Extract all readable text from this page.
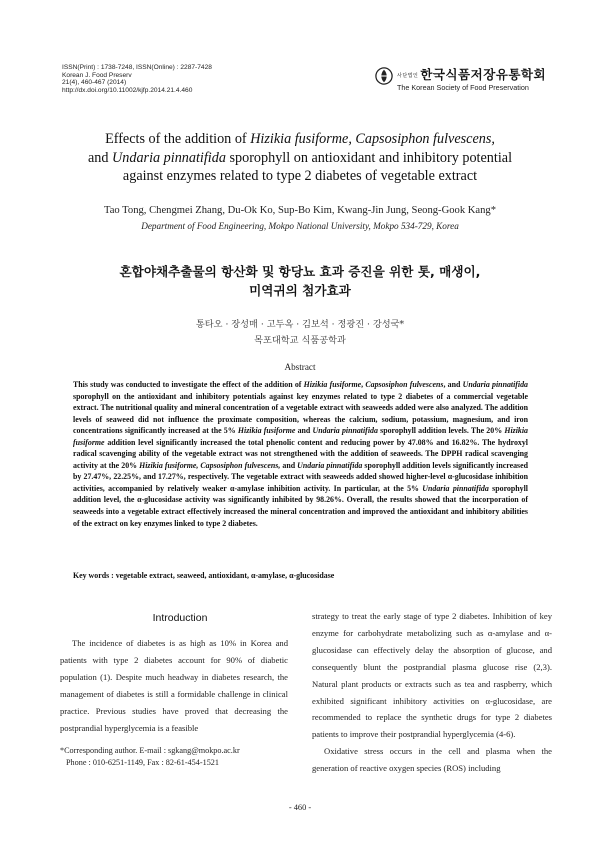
ISSN(Print) : 1738-7248, ISSN(Online) : 2287-7428
Korean J. Food Preserv
21(4), 460-467 (2014)
http://dx.doi.org/10.11002/kjfp.2014.21.4.460
사단법인 한국식품저장유통학회
The Korean Society of Food Preservation
Effects of the addition of Hizikia fusiforme, Capsosiphon fulvescens,
and Undaria pinnatifida sporophyll on antioxidant and inhibitory potential
against enzymes related to type 2 diabetes of vegetable extract
Tao Tong, Chengmei Zhang, Du-Ok Ko, Sup-Bo Kim, Kwang-Jin Jung, Seong-Gook Kang*
Department of Food Engineering, Mokpo National University, Mokpo 534-729, Korea
혼합야채추출물의 항산화 및 항당뇨 효과 증진을 위한 톳, 매생이,
미역귀의 첨가효과
통타오 · 장성매 · 고두옥 · 김보석 · 정광진 · 강성국*
목포대학교 식품공학과
Abstract
This study was conducted to investigate the effect of the addition of Hizikia fusiforme, Capsosiphon fulvescens, and Undaria pinnatifida sporophyll on the antioxidant and inhibitory potentials against key enzymes related to type 2 diabetes of a commercial vegetable extract. The nutritional quality and mineral concentration of a vegetable extract with seaweeds added were also analyzed. The addition levels of seaweed did not influence the proximate composition, whereas the calcium, sodium, potassium, magnesium, and iron concentrations significantly increased at the 5% Hizikia fusiforme and Undaria pinnatifida sporophyll addition levels. The 20% Hizikia fusiforme addition level significantly increased the total phenolic content and reducing power by 47.08% and 16.82%. The hydroxyl radical scavenging ability of the vegetable extract was not strengthened with the addition of seaweeds. The DPPH radical scavenging activity at the 20% Hizikia fusiforme, Capsosiphon fulvescens, and Undaria pinnatifida sporophyll addition levels significantly increased by 27.47%, 22.25%, and 17.27%, respectively. The vegetable extract with seaweeds added showed higher-level α-glucosidase inhibition activities, accompanied by relatively weaker α-amylase inhibition activity. In particular, at the 5% Undaria pinnatifida sporophyll addition level, the α-glucosidase activity was significantly inhibited by 98.26%. Overall, the results showed that the incorporation of seaweeds into a vegetable extract effectively increased the mineral concentration and improved the antioxidant and inhibitory abilities of the extract on key enzymes linked to type 2 diabetes.
Key words : vegetable extract, seaweed, antioxidant, α-amylase, α-glucosidase
Introduction

The incidence of diabetes is as high as 10% in Korea and patients with type 2 diabetes account for 90% of diabetic population (1). Despite much headway in diabetes research, the management of diabetes is still a formidable challenge in clinical practice. Previous studies have proved that decreasing the postprandial hyperglycemia is a feasible

strategy to treat the early stage of type 2 diabetes. Inhibition of key enzyme for carbohydrate metabolizing such as α-amylase and α-glucosidase can effectively delay the absorption of glucose, and consequently blunt the postprandial plasma glucose rise (2,3). Natural plant products or extracts such as tea and raspberry, which exhibited significant inhibitory activities on α-glucosidase, are recommended to replace the synthetic drugs for type 2 diabetes patients to improve their postprandial hyperglycemia (4-6).

Oxidative stress occurs in the cell and plasma when the generation of reactive oxygen species (ROS) including

*Corresponding author. E-mail : sgkang@mokpo.ac.kr
Phone : 010-6251-1149, Fax : 82-61-454-1521
- 460 -
